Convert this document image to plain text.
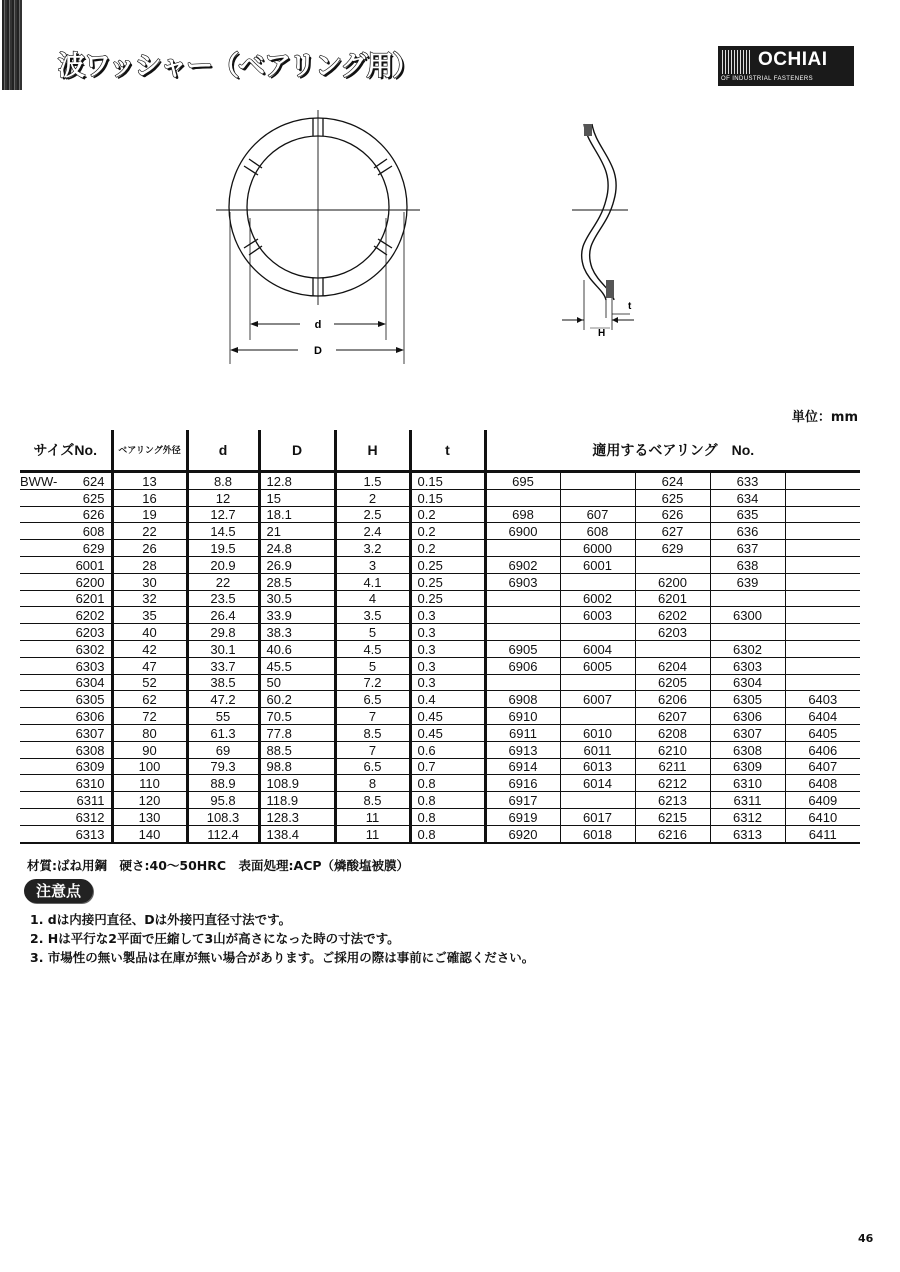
波ワッシャー（ベアリング用）	OCHIAI
OF INDUSTRIAL FASTENERS
d
D
t
H
単位：mm
サイズNo.	ベアリング外径	d	D	H	t	適用するベアリング　No.				

BWW- 624	13	8.8	12.8	1.5	0.15	695		624	633	
625	16	12	15	2	0.15			625	634	
626	19	12.7	18.1	2.5	0.2	698	607	626	635	
608	22	14.5	21	2.4	0.2	6900	608	627	636	
629	26	19.5	24.8	3.2	0.2		6000	629	637	
6001	28	20.9	26.9	3	0.25	6902	6001		638	
6200	30	22	28.5	4.1	0.25	6903		6200	639	
6201	32	23.5	30.5	4	0.25		6002	6201		
6202	35	26.4	33.9	3.5	0.3		6003	6202	6300	
6203	40	29.8	38.3	5	0.3			6203		
6302	42	30.1	40.6	4.5	0.3	6905	6004		6302	
6303	47	33.7	45.5	5	0.3	6906	6005	6204	6303	
6304	52	38.5	50	7.2	0.3			6205	6304	
6305	62	47.2	60.2	6.5	0.4	6908	6007	6206	6305	6403
6306	72	55	70.5	7	0.45	6910		6207	6306	6404
6307	80	61.3	77.8	8.5	0.45	6911	6010	6208	6307	6405
6308	90	69	88.5	7	0.6	6913	6011	6210	6308	6406
6309	100	79.3	98.8	6.5	0.7	6914	6013	6211	6309	6407
6310	110	88.9	108.9	8	0.8	6916	6014	6212	6310	6408
6311	120	95.8	118.9	8.5	0.8	6917		6213	6311	6409
6312	130	108.3	128.3	11	0.8	6919	6017	6215	6312	6410
6313	140	112.4	138.4	11	0.8	6920	6018	6216	6313	6411
材質:ばね用鋼　硬さ:40～50HRC　表面処理:ACP（燐酸塩被膜）
注意点
1. dは内接円直径、Dは外接円直径寸法です。
2. Hは平行な2平面で圧縮して3山が高さになった時の寸法です。
3. 市場性の無い製品は在庫が無い場合があります。ご採用の際は事前にご確認ください。
46
